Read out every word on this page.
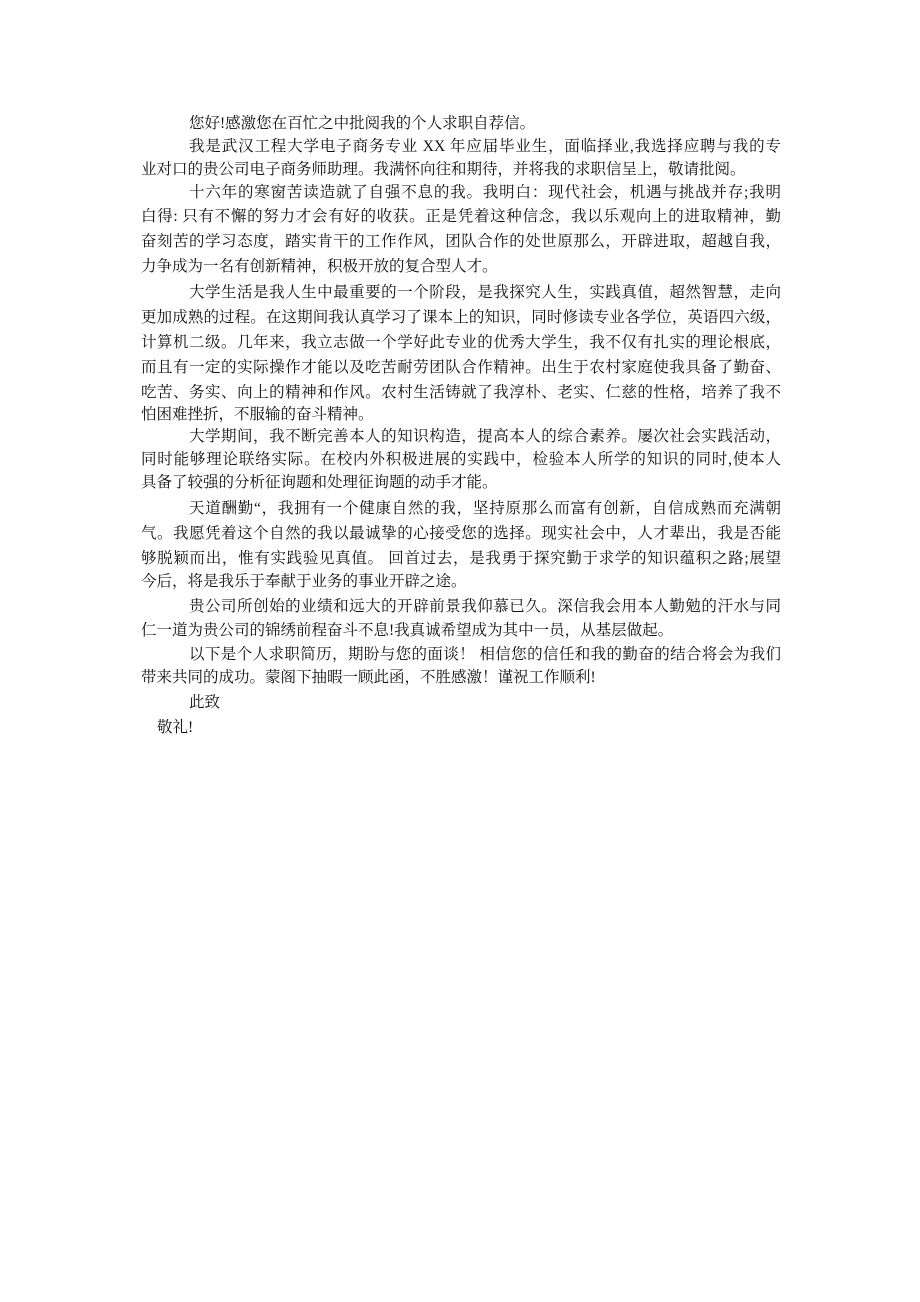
您好!感激您在百忙之中批阅我的个人求职自荐信。
我是武汉工程大学电子商务专业 XX 年应届毕业生，面临择业,我选择应聘与我的专
业对口的贵公司电子商务师助理。我满怀向往和期待，并将我的求职信呈上，敬请批阅。
十六年的寒窗苦读造就了自强不息的我。我明白：现代社会，机遇与挑战并存;我明
白得: 只有不懈的努力才会有好的收获。正是凭着这种信念，我以乐观向上的进取精神，勤
奋刻苦的学习态度，踏实肯干的工作作风，团队合作的处世原那么，开辟进取，超越自我，
力争成为一名有创新精神，积极开放的复合型人才。
大学生活是我人生中最重要的一个阶段，是我探究人生，实践真值，超然智慧，走向
更加成熟的过程。在这期间我认真学习了课本上的知识，同时修读专业各学位，英语四六级，
计算机二级。几年来，我立志做一个学好此专业的优秀大学生，我不仅有扎实的理论根底，
而且有一定的实际操作才能以及吃苦耐劳团队合作精神。出生于农村家庭使我具备了勤奋、
吃苦、务实、向上的精神和作风。农村生活铸就了我淳朴、老实、仁慈的性格，培养了我不
怕困难挫折，不服输的奋斗精神。
大学期间，我不断完善本人的知识构造，提高本人的综合素养。屡次社会实践活动，
同时能够理论联络实际。在校内外积极进展的实践中，检验本人所学的知识的同时,使本人
具备了较强的分析征询题和处理征询题的动手才能。
天道酬勤“，我拥有一个健康自然的我，坚持原那么而富有创新，自信成熟而充满朝
气。我愿凭着这个自然的我以最诚挚的心接受您的选择。现实社会中，人才辈出，我是否能
够脱颖而出，惟有实践验见真值。 回首过去，是我勇于探究勤于求学的知识蕴积之路;展望
今后，将是我乐于奉献于业务的事业开辟之途。
贵公司所创始的业绩和远大的开辟前景我仰慕已久。深信我会用本人勤勉的汗水与同
仁一道为贵公司的锦绣前程奋斗不息!我真诚希望成为其中一员，从基层做起。
以下是个人求职简历，期盼与您的面谈！ 相信您的信任和我的勤奋的结合将会为我们
带来共同的成功。蒙阁下抽暇一顾此函，不胜感激！谨祝工作顺利!
此致
敬礼!
